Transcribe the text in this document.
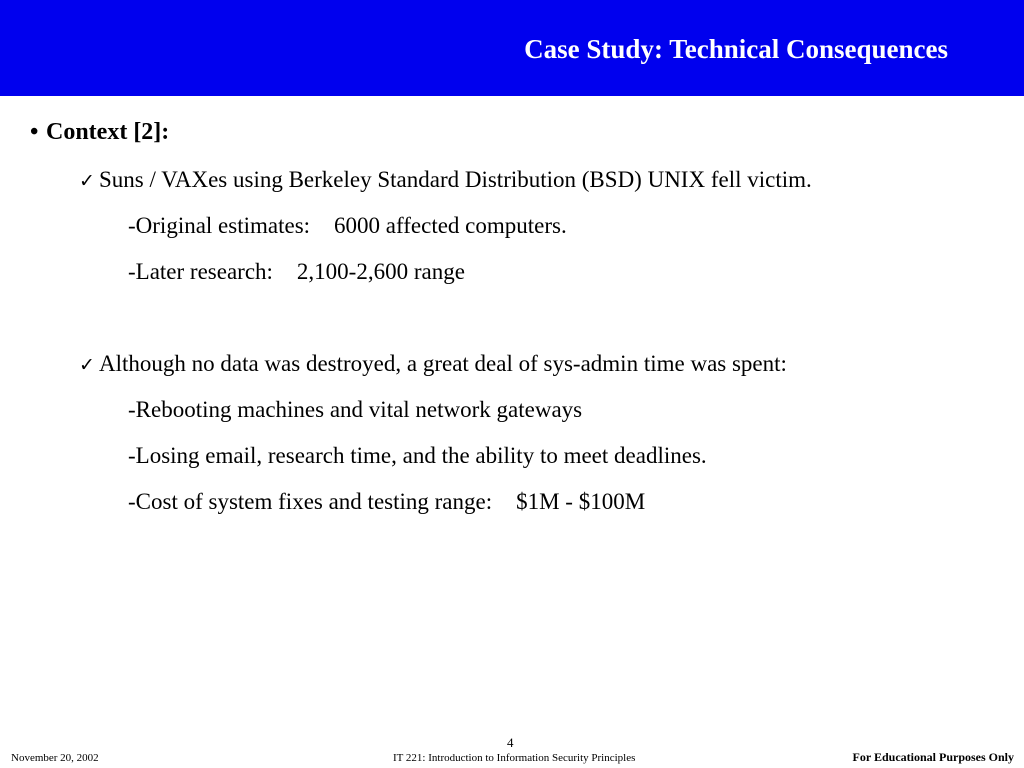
Case Study: Technical Consequences
• Context [2]:
✓ Suns / VAXes using Berkeley Standard Distribution (BSD) UNIX fell victim.
-Original estimates: 6000 affected computers.
-Later research: 2,100-2,600 range
✓ Although no data was destroyed, a great deal of sys-admin time was spent:
-Rebooting machines and vital network gateways
-Losing email, research time, and the ability to meet deadlines.
-Cost of system fixes and testing range: $1M - $100M
4
November 20, 2002	IT 221: Introduction to Information Security Principles	For Educational Purposes Only
